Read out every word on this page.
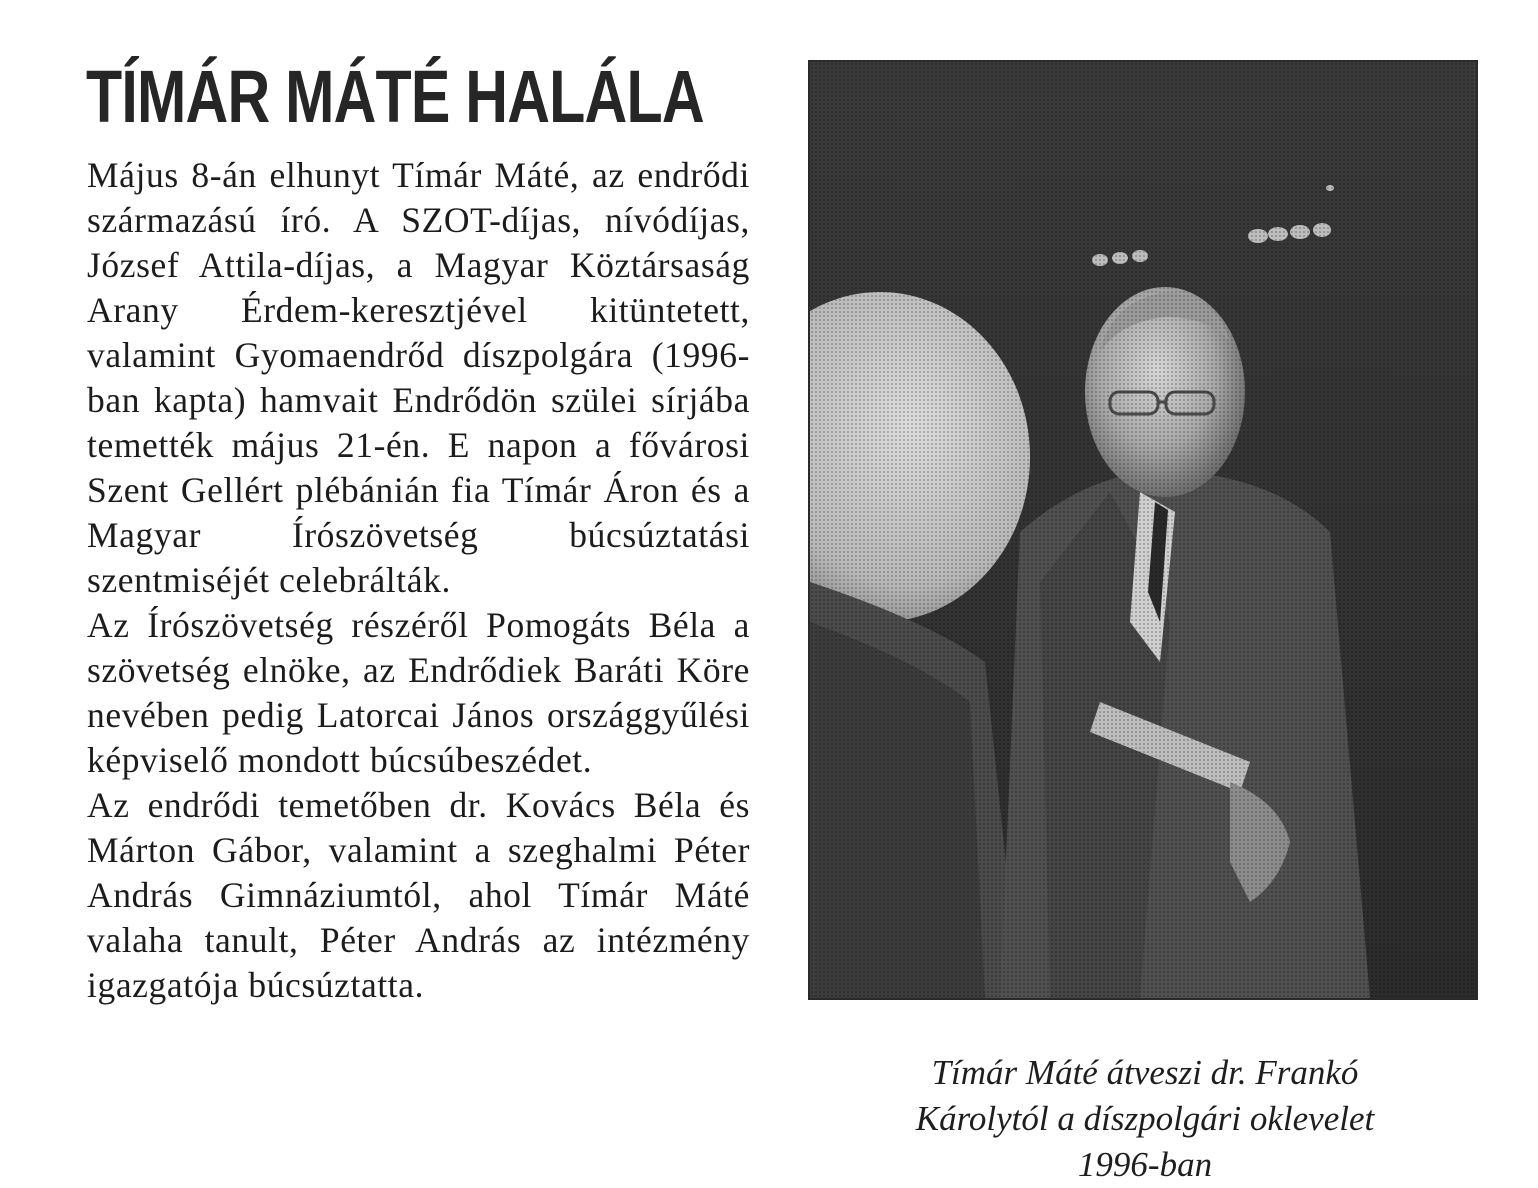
TÍMÁR MÁTÉ HALÁLA

Május 8-án elhunyt Tímár Máté, az endrődi származású író. A SZOT-díjas, nívódíjas, József Attila-díjas, a Magyar Köztársaság Arany Érdem-keresztjével kitüntetett, valamint Gyomaendrőd díszpolgára (1996-ban kapta) hamvait Endrődön szülei sírjába temették május 21-én. E napon a fővárosi Szent Gellért plébánián fia Tímár Áron és a Magyar Írószövetség búcsúztatási szentmiséjét celebrálták.

Az Írószövetség részéről Pomogáts Béla a szövetség elnöke, az Endrődiek Baráti Köre nevében pedig Latorcai János országgyűlési képviselő mondott búcsúbeszédet.

Az endrődi temetőben dr. Kovács Béla és Márton Gábor, valamint a szeghalmi Péter András Gimnáziumtól, ahol Tímár Máté valaha tanult, Péter András az intézmény igazgatója búcsúztatta.

Tímár Máté átveszi dr. Frankó
Károlytól a díszpolgári oklevelet
1996-ban
